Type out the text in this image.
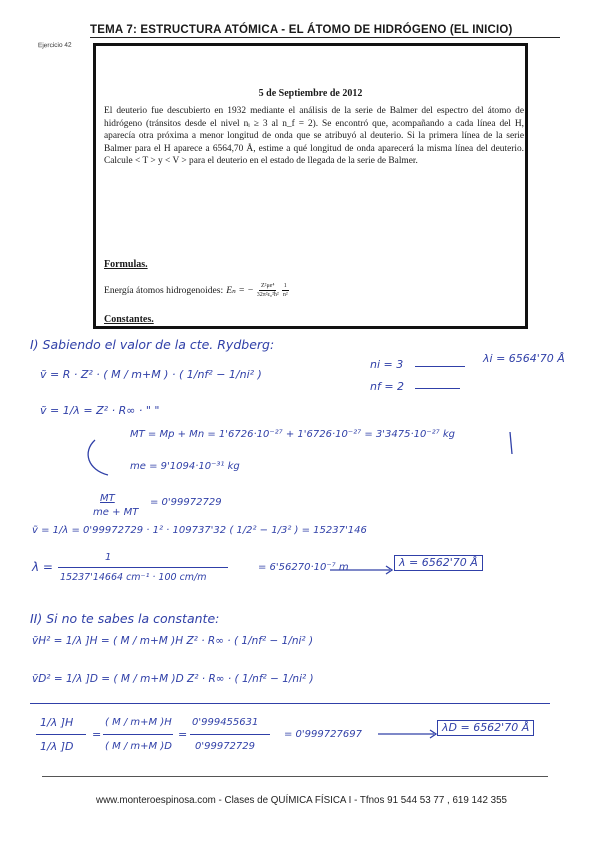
TEMA 7: ESTRUCTURA ATÓMICA - EL ÁTOMO DE HIDRÓGENO (EL INICIO)
Ejercicio 42
5 de Septiembre de 2012

El deuterio fue descubierto en 1932 mediante el análisis de la serie de Balmer del espectro del átomo de hidrógeno (tránsitos desde el nivel nᵢ ≥ 3 al n_f = 2). Se encontró que, acompañando a cada línea del H, aparecía otra próxima a menor longitud de onda que se atribuyó al deuterio. Si la primera línea de la serie Balmer para el H aparece a 6564,70 Å, estime a qué longitud de onda aparecerá la misma línea del deuterio. Calcule < T > y < V > para el deuterio en el estado de llegada de la serie de Balmer.

Formulas.
Energía átomos hidrogenoides: Eₙ = − $\frac{\text{Z²μe⁴}}{\text{32π²ε₀²ħ²}} \frac{1}{\text{n²}}$
Constantes.
I) Sabiendo el valor de la cte. Rydberg:
ṽ = R · Z² · ( M / m+M ) · ( 1/nf² − 1/ni² )
ni = 3	λi = 6564'70 Å
nf = 2
ṽ = 1/λ = Z² · R∞ · " "
MT = Mp + Mn = 1'6726·10⁻²⁷ + 1'6726·10⁻²⁷ = 3'3475·10⁻²⁷ kg
me = 9'1094·10⁻³¹ kg
MT
me + MT
= 0'99972729
ṽ = 1/λ = 0'99972729 · 1² · 109737'32 ( 1/2² − 1/3² ) = 15237'146
λ =
1
15237'14664 cm⁻¹ · 100 cm/m
= 6'56270·10⁻⁷ m	λ = 6562'70 Å
II) Si no te sabes la constante:
ṽH² = 1/λ ]H = ( M / m+M )H Z² · R∞ · ( 1/nf² − 1/ni² )
ṽD² = 1/λ ]D = ( M / m+M )D Z² · R∞ · ( 1/nf² − 1/ni² )
1/λ ]H
1/λ ]D
=
( M / m+M )H
( M / m+M )D
=
0'999455631
0'99972729
= 0'999727697
λD = 6562'70 Å
www.monteroespinosa.com - Clases de QUÍMICA FÍSICA I - Tfnos 91 544 53 77 , 619 142 355
